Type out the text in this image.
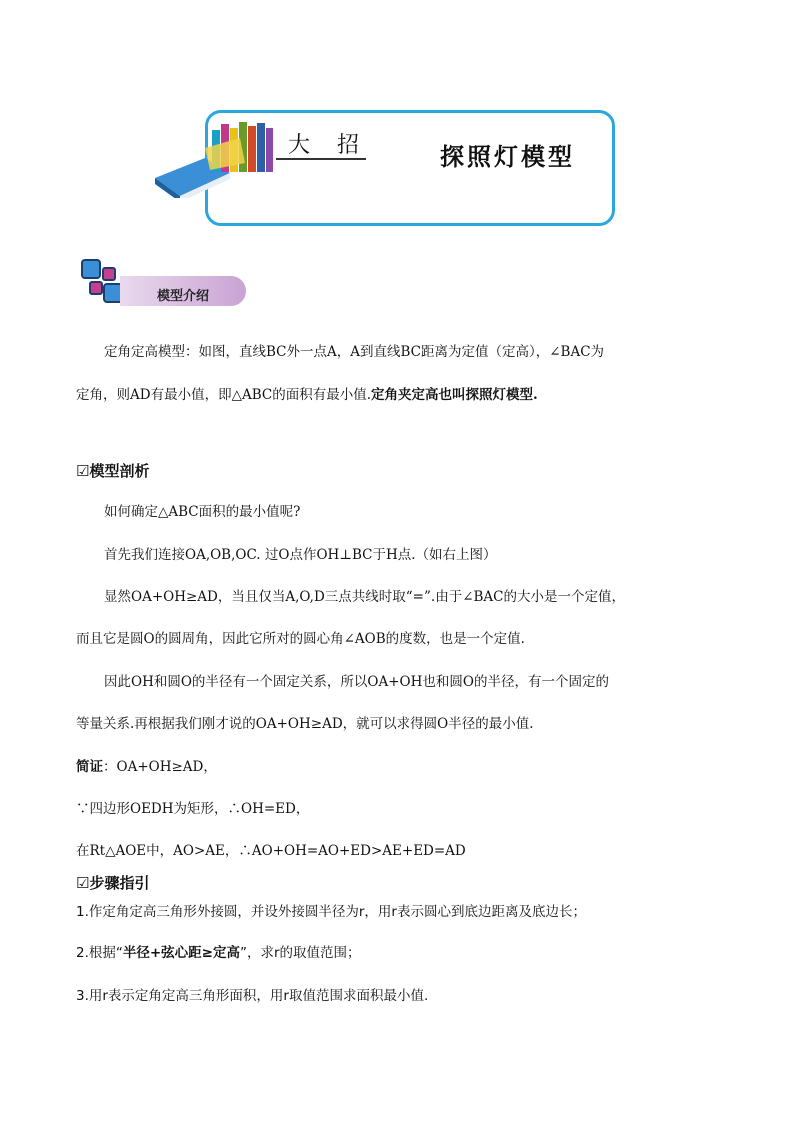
大 招	探照灯模型
模型介绍
定角定高模型：如图，直线BC外一点A，A到直线BC距离为定值（定高），∠BAC为
定角，则AD有最小值，即△ABC的面积有最小值.定角夹定高也叫探照灯模型.
☑模型剖析
如何确定△ABC面积的最小值呢?
首先我们连接OA,OB,OC. 过O点作OH⊥BC于H点.（如右上图）
显然OA+OH≥AD，当且仅当A,O,D三点共线时取“=”.由于∠BAC的大小是一个定值，
而且它是圆O的圆周角，因此它所对的圆心角∠AOB的度数，也是一个定值.
因此OH和圆O的半径有一个固定关系，所以OA+OH也和圆O的半径，有一个固定的
等量关系.再根据我们刚才说的OA+OH≥AD，就可以求得圆O半径的最小值.
简证：OA+OH≥AD，
∵四边形OEDH为矩形，∴OH=ED，
在Rt△AOE中，AO>AE，∴AO+OH=AO+ED>AE+ED=AD
☑步骤指引
1.作定角定高三角形外接圆，并设外接圆半径为r，用r表示圆心到底边距离及底边长；
2.根据“半径+弦心距≥定高”，求r的取值范围；
3.用r表示定角定高三角形面积，用r取值范围求面积最小值.
